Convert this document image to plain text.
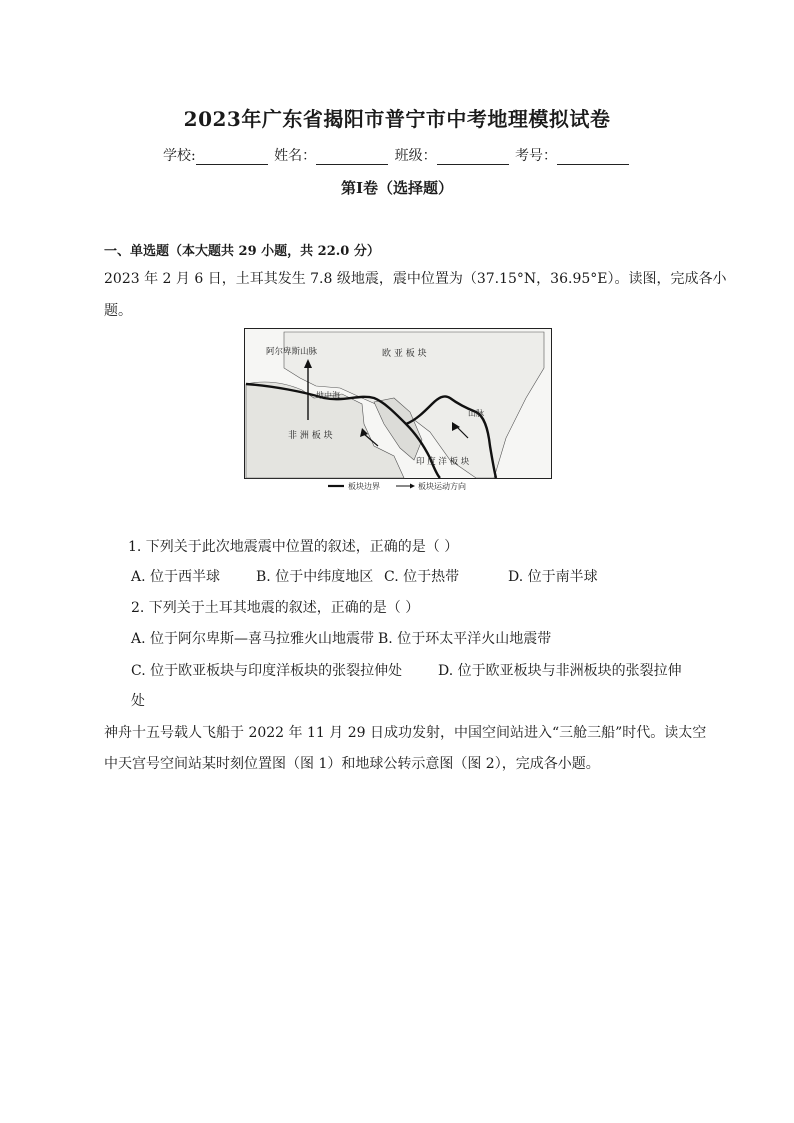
2023年广东省揭阳市普宁市中考地理模拟试卷
学校:	姓名：	班级：	考号：
第I卷（选择题）
一、单选题（本大题共 29 小题，共 22.0 分）
2023 年 2 月 6 日，土耳其发生 7.8 级地震，震中位置为（37.15°N，36.95°E）。读图，完成各小
题。
阿尔卑斯山脉	欧 亚 板 块
非 洲 板 块
印 度 洋 板 块
地中海
山脉
板块边界	板块运动方向
1. 下列关于此次地震震中位置的叙述，正确的是（ ）
A. 位于西半球	B. 位于中纬度地区 C. 位于热带	D. 位于南半球
2. 下列关于土耳其地震的叙述，正确的是（ ）
A. 位于阿尔卑斯—喜马拉雅火山地震带 B. 位于环太平洋火山地震带
C. 位于欧亚板块与印度洋板块的张裂拉伸处	D. 位于欧亚板块与非洲板块的张裂拉伸
处
神舟十五号载人飞船于 2022 年 11 月 29 日成功发射，中国空间站进入“三舱三船”时代。读太空
中天宫号空间站某时刻位置图（图 1）和地球公转示意图（图 2），完成各小题。
